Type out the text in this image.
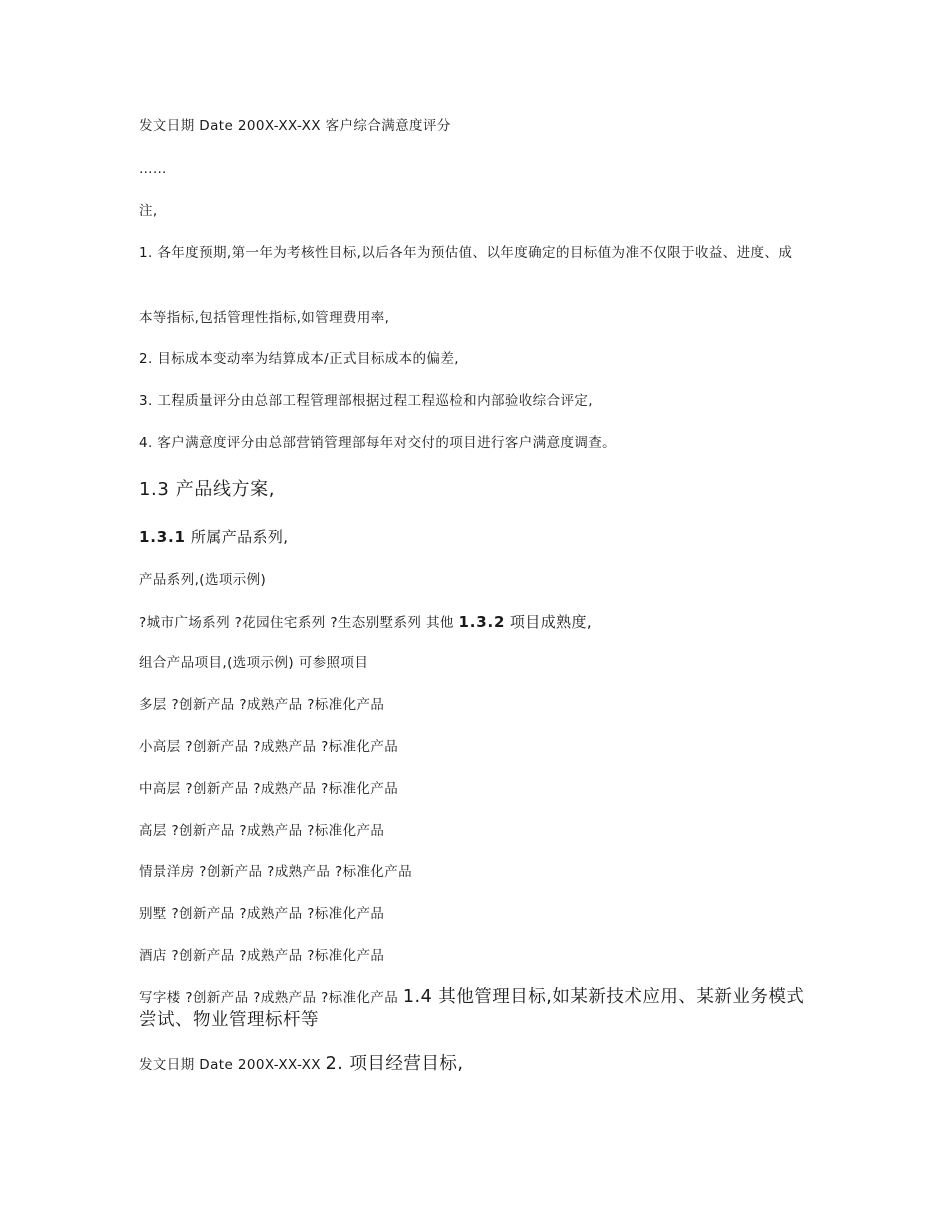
发文日期 Date 200X-XX-XX 客户综合满意度评分
……
注,
1. 各年度预期,第一年为考核性目标,以后各年为预估值、以年度确定的目标值为准不仅限于收益、进度、成
本等指标,包括管理性指标,如管理费用率,
2. 目标成本变动率为结算成本/正式目标成本的偏差,
3. 工程质量评分由总部工程管理部根据过程工程巡检和内部验收综合评定,
4. 客户满意度评分由总部营销管理部每年对交付的项目进行客户满意度调查。
1.3 产品线方案,
1.3.1 所属产品系列,
产品系列,(选项示例)
?城市广场系列 ?花园住宅系列 ?生态别墅系列 其他 1.3.2 项目成熟度,
组合产品项目,(选项示例) 可参照项目
多层 ?创新产品 ?成熟产品 ?标准化产品
小高层 ?创新产品 ?成熟产品 ?标准化产品
中高层 ?创新产品 ?成熟产品 ?标准化产品
高层 ?创新产品 ?成熟产品 ?标准化产品
情景洋房 ?创新产品 ?成熟产品 ?标准化产品
别墅 ?创新产品 ?成熟产品 ?标准化产品
酒店 ?创新产品 ?成熟产品 ?标准化产品
写字楼 ?创新产品 ?成熟产品 ?标准化产品 1.4 其他管理目标,如某新技术应用、某新业务模式尝试、物业管理标杆等
发文日期 Date 200X-XX-XX 2. 项目经营目标,
